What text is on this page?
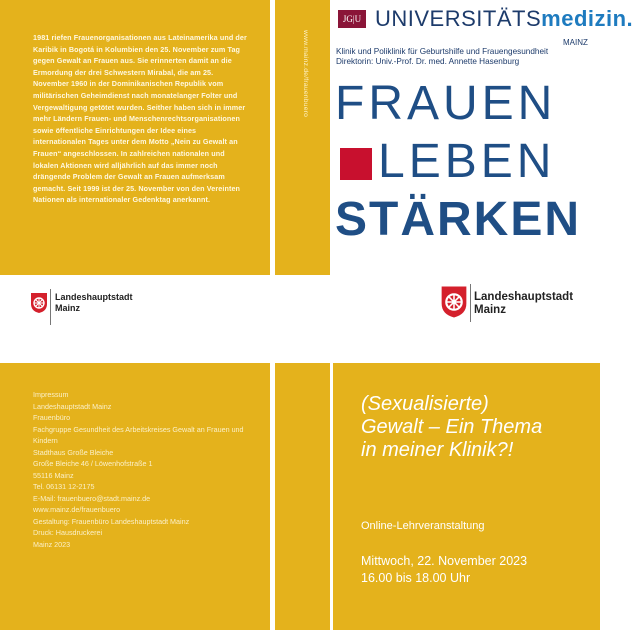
1981 riefen Frauenorganisationen aus Lateinamerika und der Karibik in Bogotá in Kolumbien den 25. November zum Tag gegen Gewalt an Frauen aus. Sie erinnerten damit an die Ermordung der drei Schwestern Mirabal, die am 25. November 1960 in der Dominikanischen Republik vom militärischen Geheimdienst nach monatelanger Folter und Vergewaltigung getötet wurden. Seither haben sich in immer mehr Ländern Frauen- und Menschenrechtsorganisationen sowie öffentliche Einrichtungen der Idee eines internationalen Tages unter dem Motto „Nein zu Gewalt an Frauen“ angeschlossen. In zahlreichen nationalen und lokalen Aktionen wird alljährlich auf das immer noch drängende Problem der Gewalt an Frauen aufmerksam gemacht. Seit 1999 ist der 25. November von den Vereinten Nationen als internationaler Gedenktag anerkannt.
www.mainz.de/frauenbuero
Impressum
Landeshauptstadt Mainz
Frauenbüro
Fachgruppe Gesundheit des Arbeitskreises Gewalt an Frauen und Kindern
Stadthaus Große Bleiche
Große Bleiche 46 / Löwenhofstraße 1
55116 Mainz
Tel. 06131 12-2175
E-Mail: frauenbuero@stadt.mainz.de
www.mainz.de/frauenbuero
Gestaltung: Frauenbüro Landeshauptstadt Mainz
Druck: Hausdruckerei
Mainz 2023
JG|U UNIVERSITÄTSmedizin.
MAINZ
Klinik und Poliklinik für Geburtshilfe und Frauengesundheit
Direktorin: Univ.-Prof. Dr. med. Annette Hasenburg
FRAUEN
LEBEN
STÄRKEN
Landeshauptstadt
Mainz
Landeshauptstadt
Mainz
(Sexualisierte)
Gewalt – Ein Thema
in meiner Klinik?!
Online-Lehrveranstaltung
Mittwoch, 22. November 2023
16.00 bis 18.00 Uhr
